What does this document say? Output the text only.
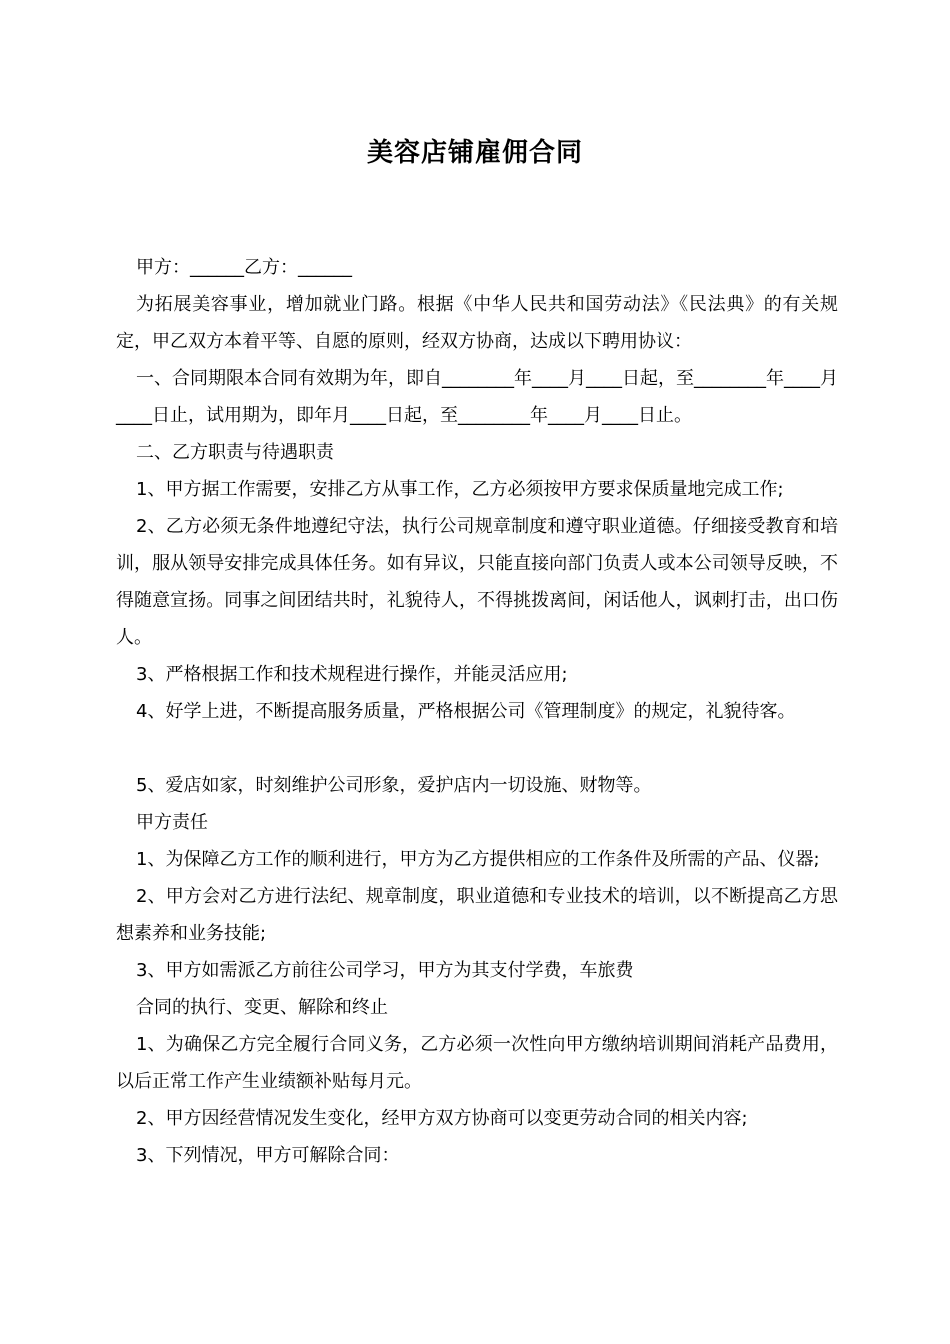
美容店铺雇佣合同

甲方：______乙方：______

为拓展美容事业，增加就业门路。根据《中华人民共和国劳动法》《民法典》的有关规定，甲乙双方本着平等、自愿的原则，经双方协商，达成以下聘用协议：

一、合同期限本合同有效期为年，即自________年____月____日起，至________年____月____日止，试用期为，即年月____日起，至________年____月____日止。

二、乙方职责与待遇职责

1、甲方据工作需要，安排乙方从事工作，乙方必须按甲方要求保质量地完成工作;

2、乙方必须无条件地遵纪守法，执行公司规章制度和遵守职业道德。仔细接受教育和培训，服从领导安排完成具体任务。如有异议，只能直接向部门负责人或本公司领导反映，不得随意宣扬。同事之间团结共时，礼貌待人，不得挑拨离间，闲话他人，讽刺打击，出口伤人。

3、严格根据工作和技术规程进行操作，并能灵活应用;

4、好学上进，不断提高服务质量，严格根据公司《管理制度》的规定，礼貌待客。

5、爱店如家，时刻维护公司形象，爱护店内一切设施、财物等。

甲方责任

1、为保障乙方工作的顺利进行，甲方为乙方提供相应的工作条件及所需的产品、仪器;

2、甲方会对乙方进行法纪、规章制度，职业道德和专业技术的培训，以不断提高乙方思想素养和业务技能;

3、甲方如需派乙方前往公司学习，甲方为其支付学费，车旅费

合同的执行、变更、解除和终止

1、为确保乙方完全履行合同义务，乙方必须一次性向甲方缴纳培训期间消耗产品费用，以后正常工作产生业绩额补贴每月元。

2、甲方因经营情况发生变化，经甲方双方协商可以变更劳动合同的相关内容;

3、下列情况，甲方可解除合同：
